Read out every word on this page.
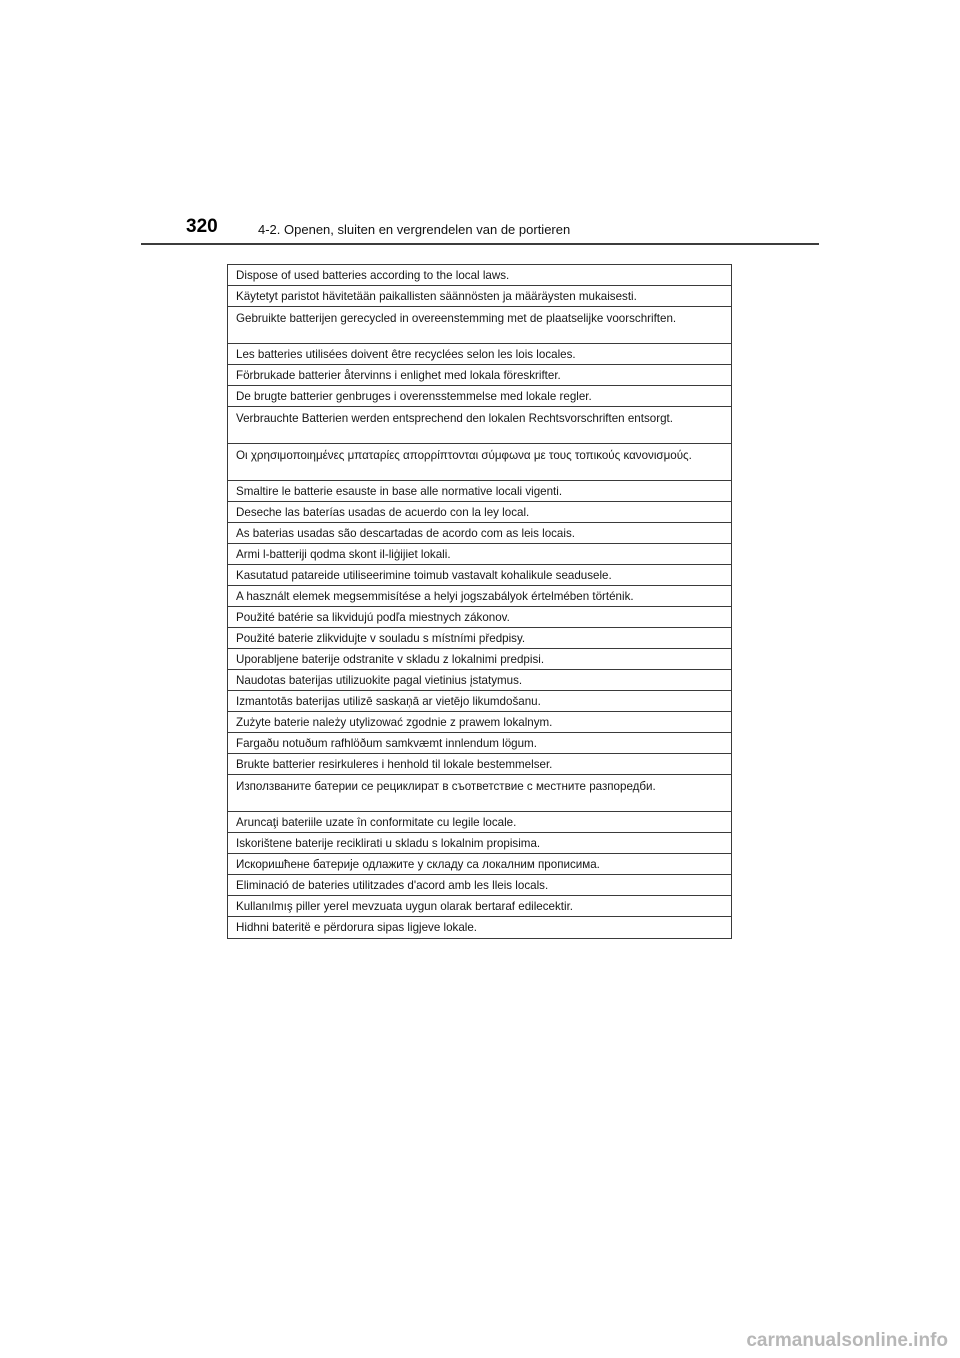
320	4-2. Openen, sluiten en vergrendelen van de portieren
Dispose of used batteries according to the local laws.
Käytetyt paristot hävitetään paikallisten säännösten ja määräysten mukaisesti.
Gebruikte batterijen gerecycled in overeenstemming met de plaatselijke voorschriften.
Les batteries utilisées doivent être recyclées selon les lois locales.
Förbrukade batterier återvinns i enlighet med lokala föreskrifter.
De brugte batterier genbruges i overensstemmelse med lokale regler.
Verbrauchte Batterien werden entsprechend den lokalen Rechtsvorschriften entsorgt.
Οι χρησιμοποιημένες μπαταρίες απορρίπτονται σύμφωνα με τους τοπικούς κανονισμούς.
Smaltire le batterie esauste in base alle normative locali vigenti.
Deseche las baterías usadas de acuerdo con la ley local.
As baterias usadas são descartadas de acordo com as leis locais.
Armi l-batteriji qodma skont il-liġijiet lokali.
Kasutatud patareide utiliseerimine toimub vastavalt kohalikule seadusele.
A használt elemek megsemmisítése a helyi jogszabályok értelmében történik.
Použité batérie sa likvidujú podľa miestnych zákonov.
Použité baterie zlikvidujte v souladu s místními předpisy.
Uporabljene baterije odstranite v skladu z lokalnimi predpisi.
Naudotas baterijas utilizuokite pagal vietinius įstatymus.
Izmantotās baterijas utilizē saskaņā ar vietējo likumdošanu.
Zużyte baterie należy utylizować zgodnie z prawem lokalnym.
Fargaðu notuðum rafhlöðum samkvæmt innlendum lögum.
Brukte batterier resirkuleres i henhold til lokale bestemmelser.
Използваните батерии се рециклират в съответствие с местните разпоредби.
Aruncaţi bateriile uzate în conformitate cu legile locale.
Iskorištene baterije reciklirati u skladu s lokalnim propisima.
Искоришћене батерије одлажите у складу са локалним прописима.
Eliminació de bateries utilitzades d'acord amb les lleis locals.
Kullanılmış piller yerel mevzuata uygun olarak bertaraf edilecektir.
Hidhni bateritë e përdorura sipas ligjeve lokale.
carmanualsonline.info
